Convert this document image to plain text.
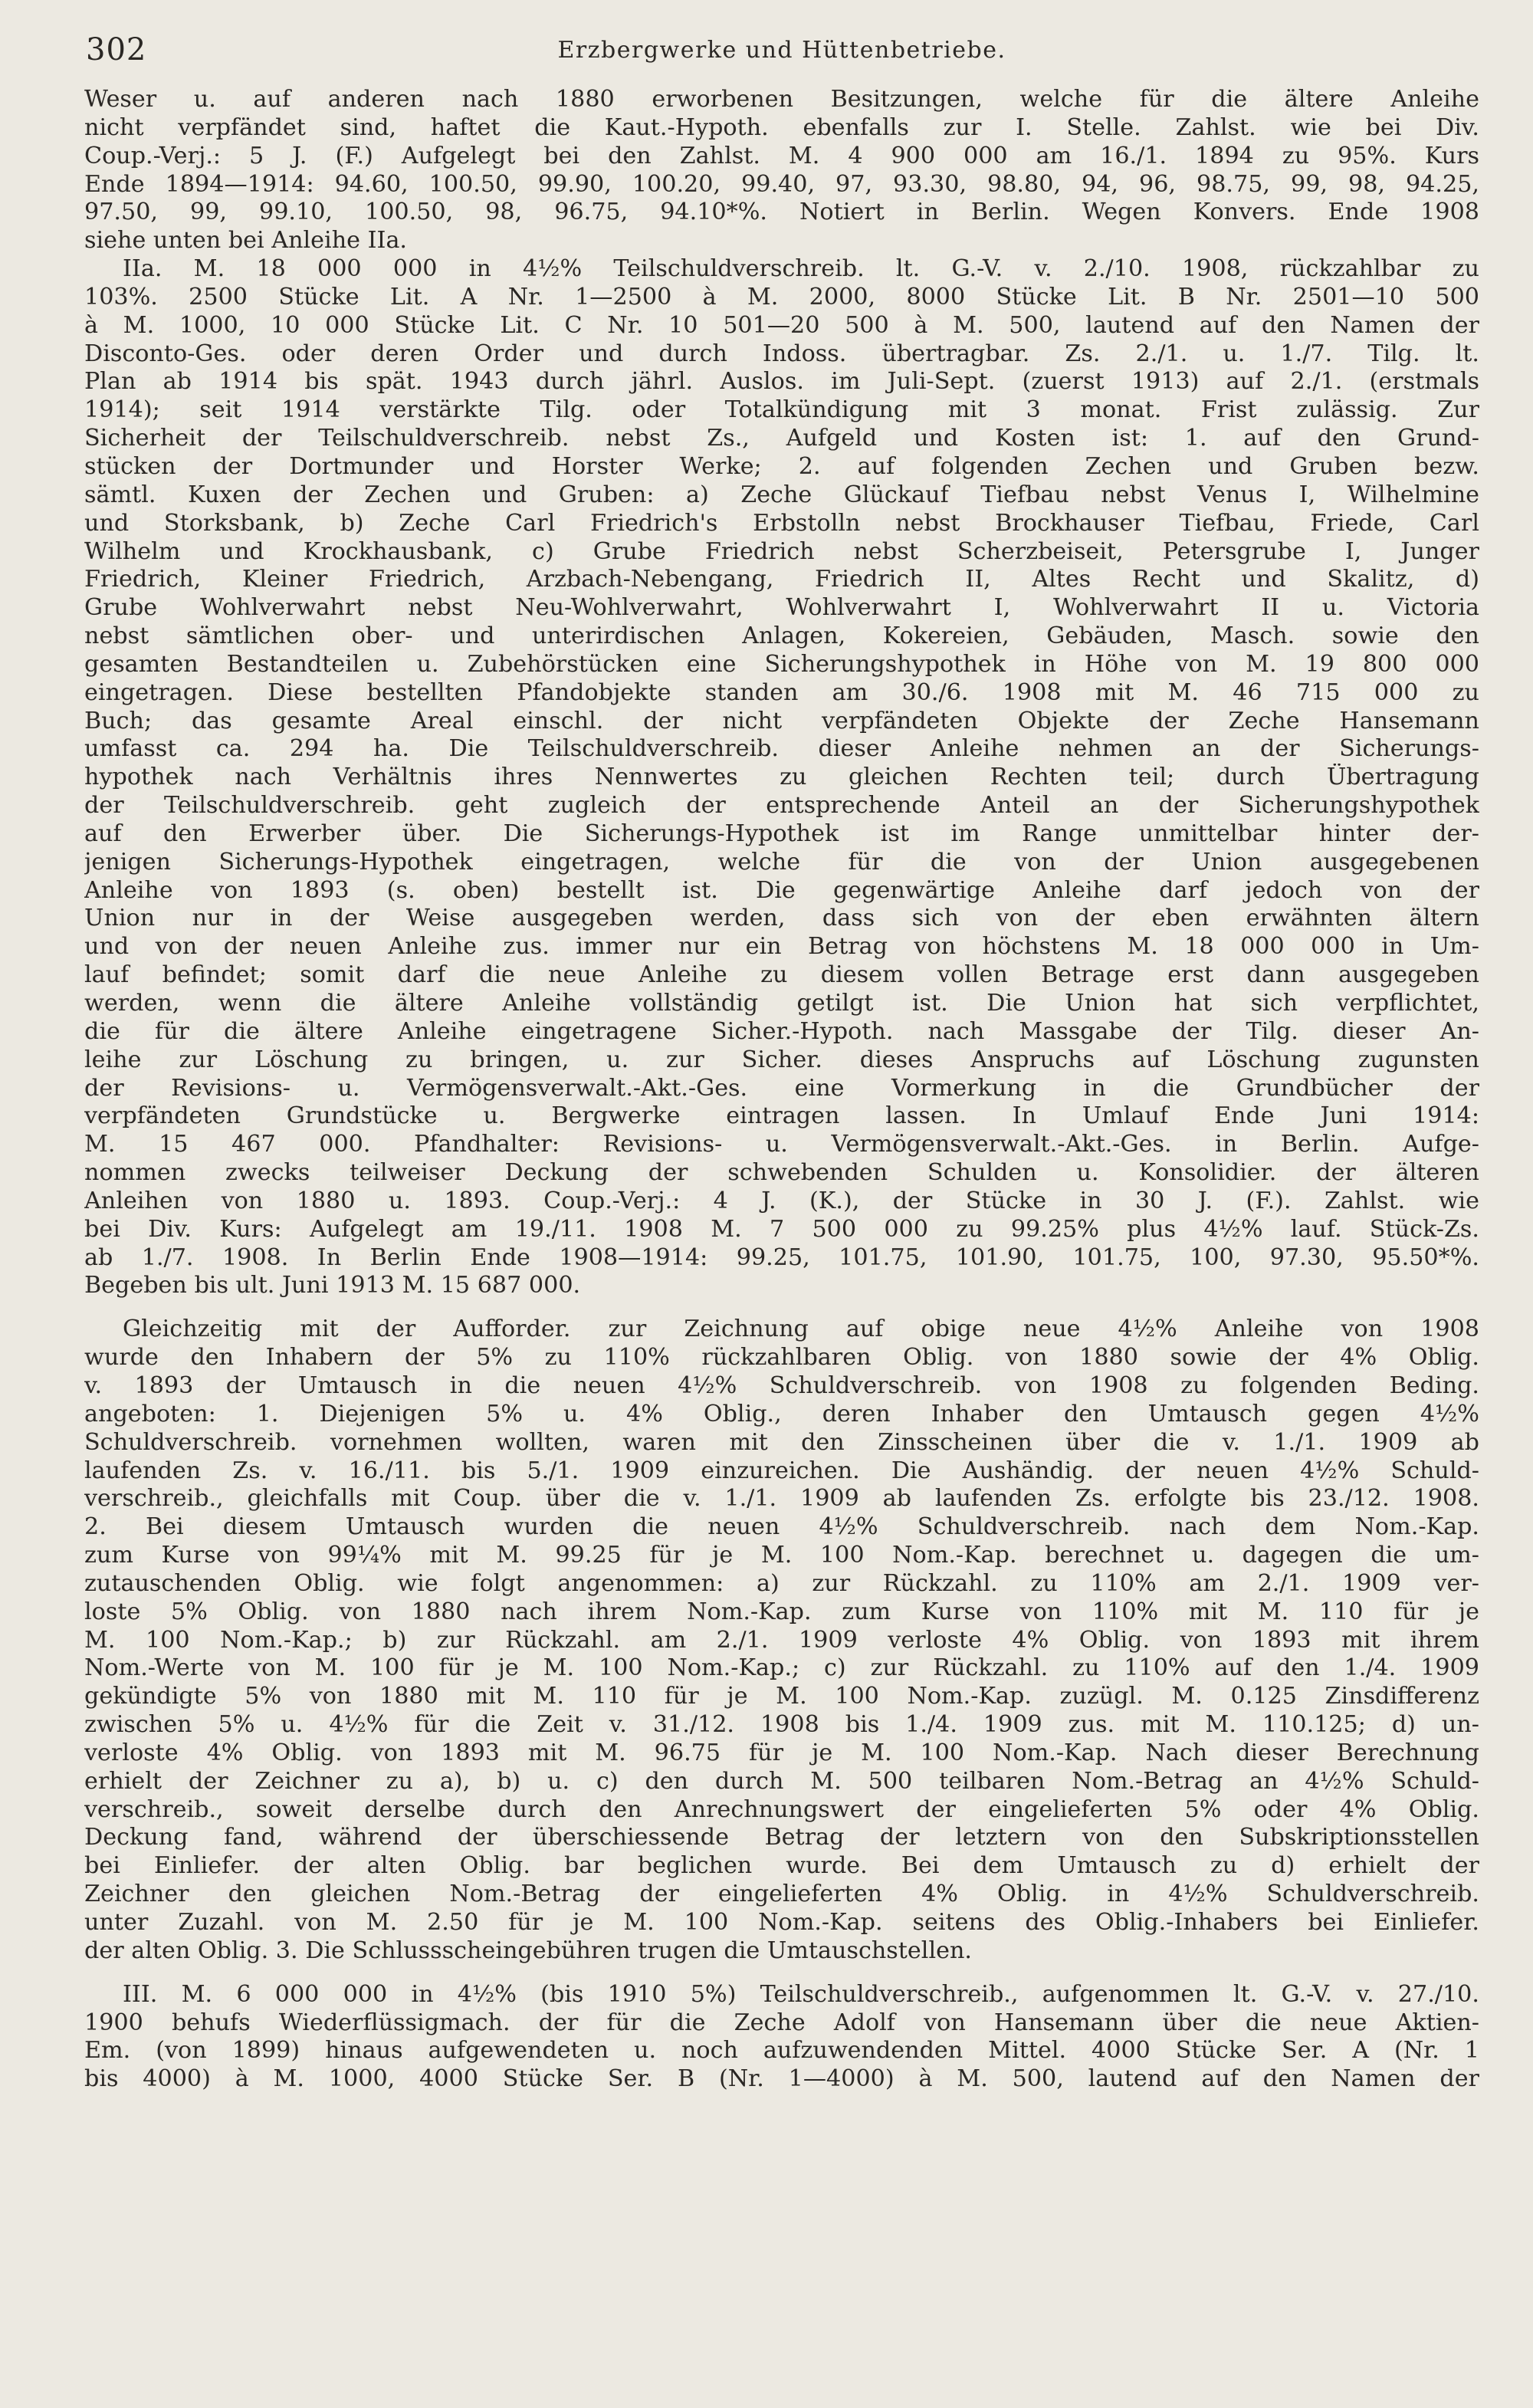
302	Erzbergwerke und Hüttenbetriebe.

Weser u. auf anderen nach 1880 erworbenen Besitzungen, welche für die ältere Anleihe
nicht verpfändet sind, haftet die Kaut.-Hypoth. ebenfalls zur I. Stelle. Zahlst. wie bei Div.
Coup.-Verj.: 5 J. (F.) Aufgelegt bei den Zahlst. M. 4 900 000 am 16./1. 1894 zu 95%. Kurs
Ende 1894—1914: 94.60, 100.50, 99.90, 100.20, 99.40, 97, 93.30, 98.80, 94, 96, 98.75, 99, 98, 94.25,
97.50, 99, 99.10, 100.50, 98, 96.75, 94.10*%. Notiert in Berlin. Wegen Konvers. Ende 1908
siehe unten bei Anleihe IIa.

IIa. M. 18 000 000 in 4½% Teilschuldverschreib. lt. G.-V. v. 2./10. 1908, rückzahlbar zu
103%. 2500 Stücke Lit. A Nr. 1—2500 à M. 2000, 8000 Stücke Lit. B Nr. 2501—10 500
à M. 1000, 10 000 Stücke Lit. C Nr. 10 501—20 500 à M. 500, lautend auf den Namen der
Disconto-Ges. oder deren Order und durch Indoss. übertragbar. Zs. 2./1. u. 1./7. Tilg. lt.
Plan ab 1914 bis spät. 1943 durch jährl. Auslos. im Juli-Sept. (zuerst 1913) auf 2./1. (erstmals
1914); seit 1914 verstärkte Tilg. oder Totalkündigung mit 3 monat. Frist zulässig. Zur
Sicherheit der Teilschuldverschreib. nebst Zs., Aufgeld und Kosten ist: 1. auf den Grund-
stücken der Dortmunder und Horster Werke; 2. auf folgenden Zechen und Gruben bezw.
sämtl. Kuxen der Zechen und Gruben: a) Zeche Glückauf Tiefbau nebst Venus I, Wilhelmine
und Storksbank, b) Zeche Carl Friedrich's Erbstolln nebst Brockhauser Tiefbau, Friede, Carl
Wilhelm und Krockhausbank, c) Grube Friedrich nebst Scherzbeiseit, Petersgrube I, Junger
Friedrich, Kleiner Friedrich, Arzbach-Nebengang, Friedrich II, Altes Recht und Skalitz, d)
Grube Wohlverwahrt nebst Neu-Wohlverwahrt, Wohlverwahrt I, Wohlverwahrt II u. Victoria
nebst sämtlichen ober- und unterirdischen Anlagen, Kokereien, Gebäuden, Masch. sowie den
gesamten Bestandteilen u. Zubehörstücken eine Sicherungshypothek in Höhe von M. 19 800 000
eingetragen. Diese bestellten Pfandobjekte standen am 30./6. 1908 mit M. 46 715 000 zu
Buch; das gesamte Areal einschl. der nicht verpfändeten Objekte der Zeche Hansemann
umfasst ca. 294 ha. Die Teilschuldverschreib. dieser Anleihe nehmen an der Sicherungs-
hypothek nach Verhältnis ihres Nennwertes zu gleichen Rechten teil; durch Übertragung
der Teilschuldverschreib. geht zugleich der entsprechende Anteil an der Sicherungshypothek
auf den Erwerber über. Die Sicherungs-Hypothek ist im Range unmittelbar hinter der-
jenigen Sicherungs-Hypothek eingetragen, welche für die von der Union ausgegebenen
Anleihe von 1893 (s. oben) bestellt ist. Die gegenwärtige Anleihe darf jedoch von der
Union nur in der Weise ausgegeben werden, dass sich von der eben erwähnten ältern
und von der neuen Anleihe zus. immer nur ein Betrag von höchstens M. 18 000 000 in Um-
lauf befindet; somit darf die neue Anleihe zu diesem vollen Betrage erst dann ausgegeben
werden, wenn die ältere Anleihe vollständig getilgt ist. Die Union hat sich verpflichtet,
die für die ältere Anleihe eingetragene Sicher.-Hypoth. nach Massgabe der Tilg. dieser An-
leihe zur Löschung zu bringen, u. zur Sicher. dieses Anspruchs auf Löschung zugunsten
der Revisions- u. Vermögensverwalt.-Akt.-Ges. eine Vormerkung in die Grundbücher der
verpfändeten Grundstücke u. Bergwerke eintragen lassen. In Umlauf Ende Juni 1914:
M. 15 467 000. Pfandhalter: Revisions- u. Vermögensverwalt.-Akt.-Ges. in Berlin. Aufge-
nommen zwecks teilweiser Deckung der schwebenden Schulden u. Konsolidier. der älteren
Anleihen von 1880 u. 1893. Coup.-Verj.: 4 J. (K.), der Stücke in 30 J. (F.). Zahlst. wie
bei Div. Kurs: Aufgelegt am 19./11. 1908 M. 7 500 000 zu 99.25% plus 4½% lauf. Stück-Zs.
ab 1./7. 1908. In Berlin Ende 1908—1914: 99.25, 101.75, 101.90, 101.75, 100, 97.30, 95.50*%.
Begeben bis ult. Juni 1913 M. 15 687 000.

Gleichzeitig mit der Aufforder. zur Zeichnung auf obige neue 4½% Anleihe von 1908
wurde den Inhabern der 5% zu 110% rückzahlbaren Oblig. von 1880 sowie der 4% Oblig.
v. 1893 der Umtausch in die neuen 4½% Schuldverschreib. von 1908 zu folgenden Beding.
angeboten: 1. Diejenigen 5% u. 4% Oblig., deren Inhaber den Umtausch gegen 4½%
Schuldverschreib. vornehmen wollten, waren mit den Zinsscheinen über die v. 1./1. 1909 ab
laufenden Zs. v. 16./11. bis 5./1. 1909 einzureichen. Die Aushändig. der neuen 4½% Schuld-
verschreib., gleichfalls mit Coup. über die v. 1./1. 1909 ab laufenden Zs. erfolgte bis 23./12. 1908.
2. Bei diesem Umtausch wurden die neuen 4½% Schuldverschreib. nach dem Nom.-Kap.
zum Kurse von 99¼% mit M. 99.25 für je M. 100 Nom.-Kap. berechnet u. dagegen die um-
zutauschenden Oblig. wie folgt angenommen: a) zur Rückzahl. zu 110% am 2./1. 1909 ver-
loste 5% Oblig. von 1880 nach ihrem Nom.-Kap. zum Kurse von 110% mit M. 110 für je
M. 100 Nom.-Kap.; b) zur Rückzahl. am 2./1. 1909 verloste 4% Oblig. von 1893 mit ihrem
Nom.-Werte von M. 100 für je M. 100 Nom.-Kap.; c) zur Rückzahl. zu 110% auf den 1./4. 1909
gekündigte 5% von 1880 mit M. 110 für je M. 100 Nom.-Kap. zuzügl. M. 0.125 Zinsdifferenz
zwischen 5% u. 4½% für die Zeit v. 31./12. 1908 bis 1./4. 1909 zus. mit M. 110.125; d) un-
verloste 4% Oblig. von 1893 mit M. 96.75 für je M. 100 Nom.-Kap. Nach dieser Berechnung
erhielt der Zeichner zu a), b) u. c) den durch M. 500 teilbaren Nom.-Betrag an 4½% Schuld-
verschreib., soweit derselbe durch den Anrechnungswert der eingelieferten 5% oder 4% Oblig.
Deckung fand, während der überschiessende Betrag der letztern von den Subskriptionsstellen
bei Einliefer. der alten Oblig. bar beglichen wurde. Bei dem Umtausch zu d) erhielt der
Zeichner den gleichen Nom.-Betrag der eingelieferten 4% Oblig. in 4½% Schuldverschreib.
unter Zuzahl. von M. 2.50 für je M. 100 Nom.-Kap. seitens des Oblig.-Inhabers bei Einliefer.
der alten Oblig. 3. Die Schlussscheingebühren trugen die Umtauschstellen.

III. M. 6 000 000 in 4½% (bis 1910 5%) Teilschuldverschreib., aufgenommen lt. G.-V. v. 27./10.
1900 behufs Wiederflüssigmach. der für die Zeche Adolf von Hansemann über die neue Aktien-
Em. (von 1899) hinaus aufgewendeten u. noch aufzuwendenden Mittel. 4000 Stücke Ser. A (Nr. 1
bis 4000) à M. 1000, 4000 Stücke Ser. B (Nr. 1—4000) à M. 500, lautend auf den Namen der
